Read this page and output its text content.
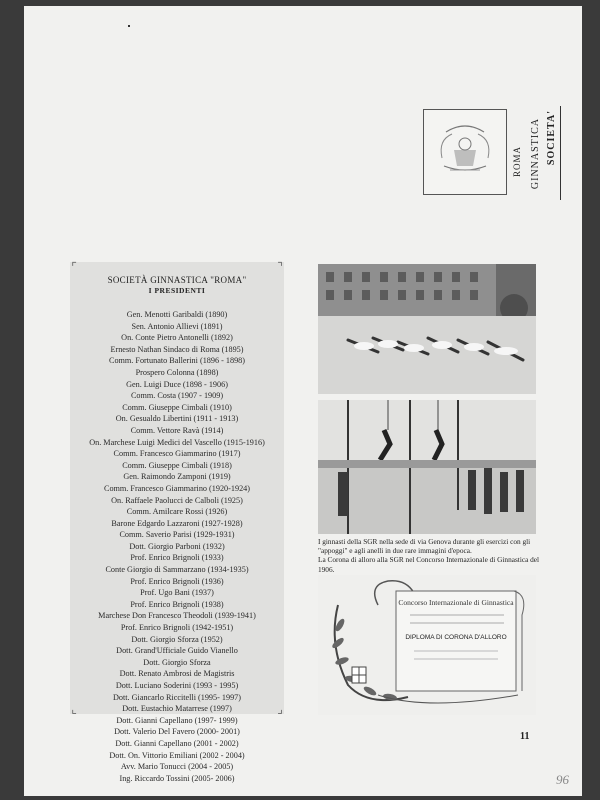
SOCIETA'
GINNASTICA
ROMA
⌜	⌝
⌞	⌟
SOCIETÀ GINNASTICA "ROMA"
I PRESIDENTI
Gen. Menotti Garibaldi (1890)
Sen. Antonio Allievi (1891)
On. Conte Pietro Antonelli (1892)
Ernesto Nathan Sindaco di Roma (1895)
Comm. Fortunato Ballerini (1896 - 1898)
Prospero Colonna (1898)
Gen. Luigi Duce (1898 - 1906)
Comm. Costa (1907 - 1909)
Comm. Giuseppe Cimbali (1910)
On. Gesualdo Libertini (1911 - 1913)
Comm. Vettore Ravà (1914)
On. Marchese Luigi Medici del Vascello (1915-1916)
Comm. Francesco Giammarino (1917)
Comm. Giuseppe Cimbali (1918)
Gen. Raimondo Zamponi (1919)
Comm. Francesco Giammarino (1920-1924)
On. Raffaele Paolucci de Calboli (1925)
Comm. Amilcare Rossi (1926)
Barone Edgardo Lazzaroni (1927-1928)
Comm. Saverio Parisi (1929-1931)
Dott. Giorgio Parboni (1932)
Prof. Enrico Brignoli (1933)
Conte Giorgio di Sammarzano (1934-1935)
Prof. Enrico Brignoli (1936)
Prof. Ugo Bani (1937)
Prof. Enrico Brignoli (1938)
Marchese Don Francesco Theodoli (1939-1941)
Prof. Enrico Brignoli (1942-1951)
Dott. Giorgio Sforza (1952)
Dott. Grand'Ufficiale Guido Vianello
Dott. Giorgio Sforza
Dott. Renato Ambrosi de Magistris
Dott. Luciano Soderini (1993 - 1995)
Dott. Giancarlo Riccitelli (1995- 1997)
Dott. Eustachio Matarrese (1997)
Dott. Gianni Capellano (1997- 1999)
Dott. Valerio Del Favero (2000- 2001)
Dott. Gianni Capellano (2001 - 2002)
Dott. On. Vittorio Emiliani (2002 - 2004)
Avv. Mario Tonucci (2004 - 2005)
Ing. Riccardo Tossini (2005- 2006)
I ginnasti della SGR nella sede di via Genova durante gli esercizi con gli "appoggi" e agli anelli in due rare immagini d'epoca.
La Corona di alloro alla SGR nel Concorso Internazionale di Ginnastica del 1906.
Concorso Internazionale di Ginnastica
DIPLOMA DI CORONA D'ALLORO
11
96
